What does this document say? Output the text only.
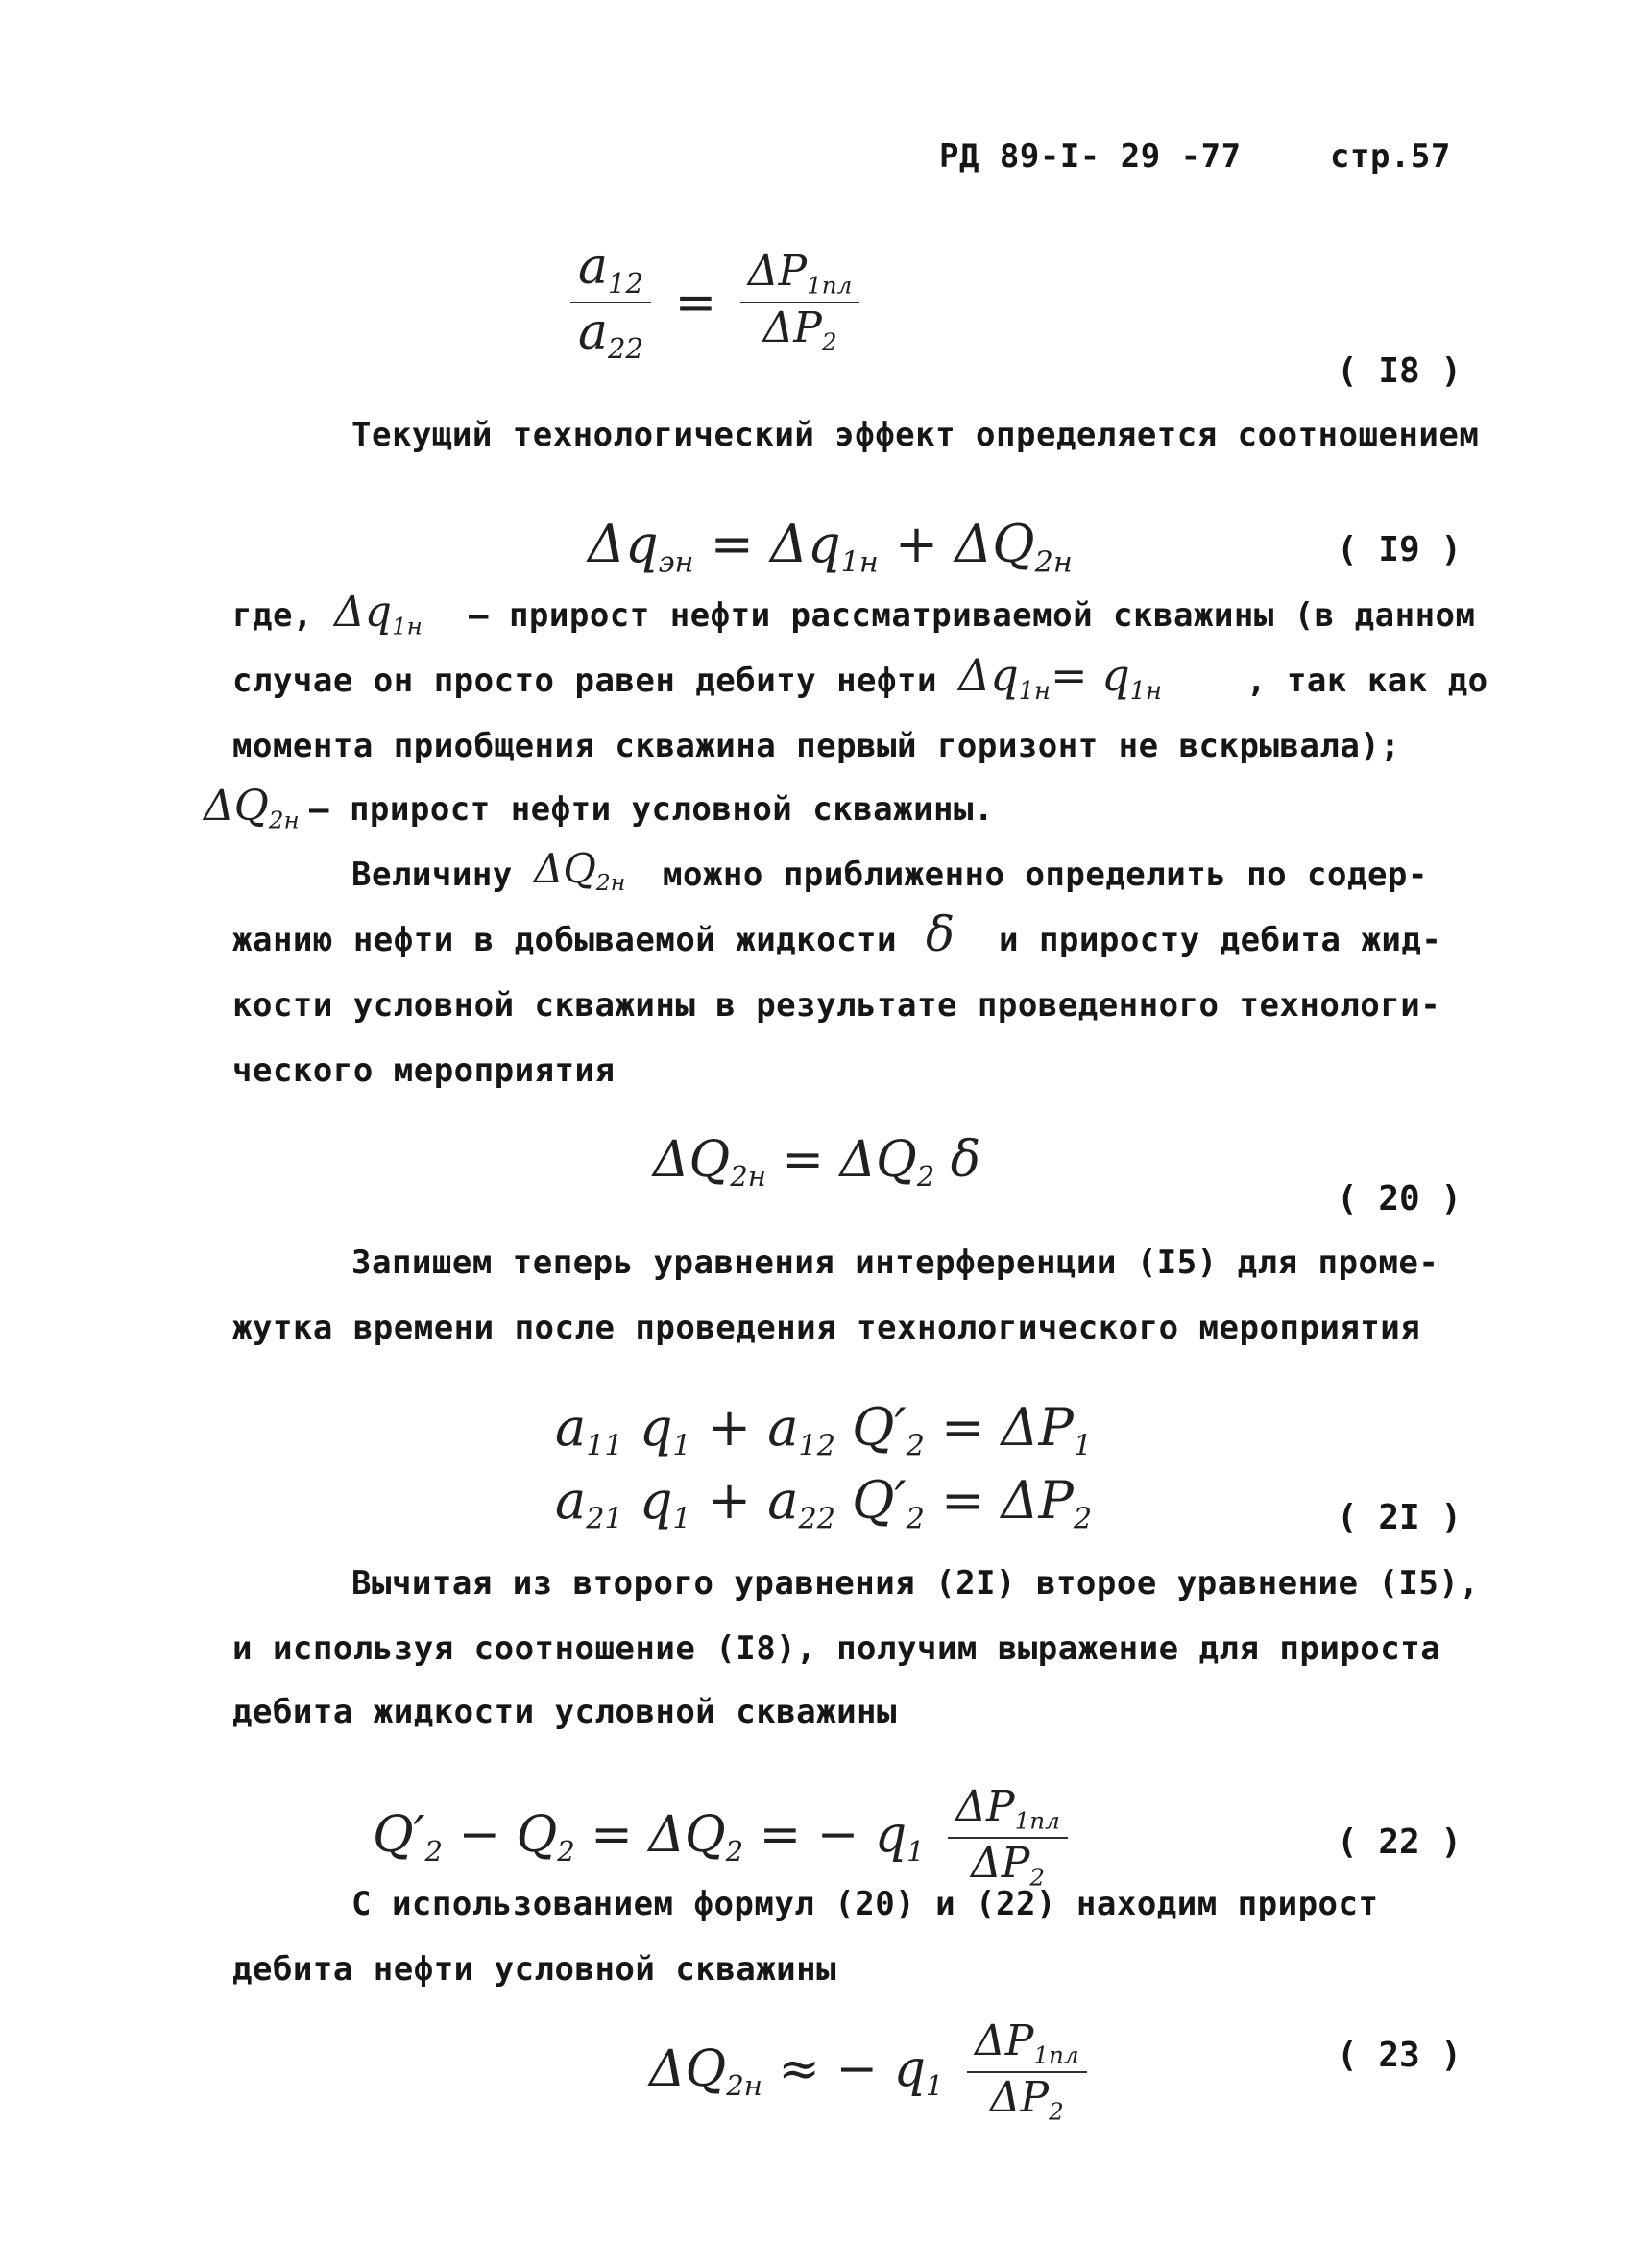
РД 89-I- 29 -77	стр.57
$\frac{a_{12}}{a_{22}} = \frac{\Delta P_{1пл}}{\Delta P_2}$
( I8 )
Текущий технологический эффект определяется соотношением
$\Delta q_{эн} = \Delta q_{1н} + \Delta Q_{2н}$	( I9 )
где, $\Delta q_{1н}$ – прирост нефти рассматриваемой скважины (в данном
случае он просто равен дебиту нефти $\Delta q_{1н}= q_{1н}$	, так как до
момента приобщения скважина первый горизонт не вскрывала);
$\Delta Q_{2н}$ – прирост нефти условной скважины.
Величину $\Delta Q_{2н}$ можно приближенно определить по содер-
жанию нефти в добываемой жидкости δ и приросту дебита жид-
кости условной скважины в результате проведенного технологи-
ческого мероприятия
$\Delta Q_{2н} = \Delta Q_2$ δ
( 20 )
Запишем теперь уравнения интерференции (I5) для проме-
жутка времени после проведения технологического мероприятия
$a_{11}$ $q_1 + a_{12}$ $Q'_2 = \Delta P_1$
$a_{21}$ $q_1 + a_{22}$ $Q'_2 = \Delta P_2$	( 2I )
Вычитая из второго уравнения (2I) второе уравнение (I5),
и используя соотношение (I8), получим выражение для прироста
дебита жидкости условной скважины
$Q'_2 - Q_2 = \Delta Q_2$ = − $q_1 \frac{\Delta P_{1пл}}{\Delta P_2}$	( 22 )
С использованием формул (20) и (22) находим прирост
дебита нефти условной скважины
$\Delta Q_{2н}$ ≈ − $q_1 \frac{\Delta P_{1пл}}{\Delta P_2}$	( 23 )
